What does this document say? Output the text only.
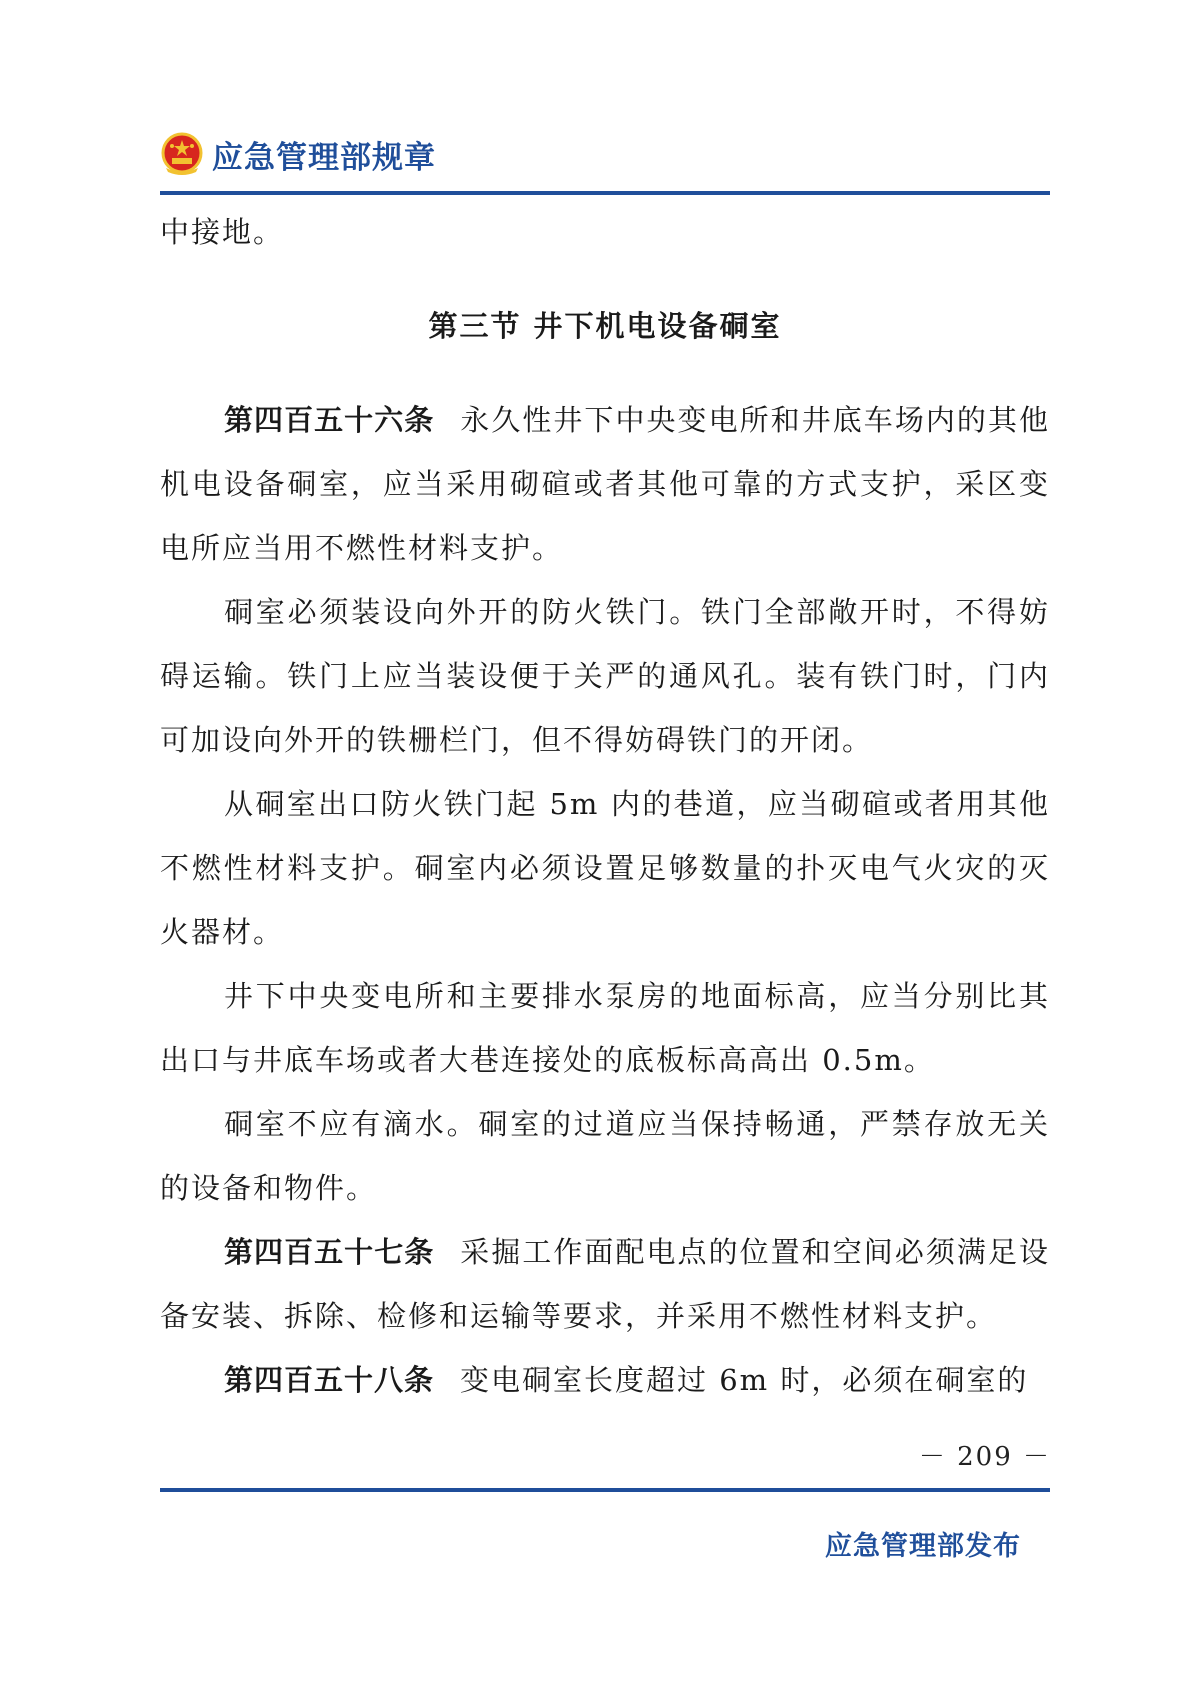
应急管理部规章

中接地。

第三节 井下机电设备硐室

第四百五十六条 永久性井下中央变电所和井底车场内的其他机电设备硐室，应当采用砌碹或者其他可靠的方式支护，采区变电所应当用不燃性材料支护。

硐室必须装设向外开的防火铁门。铁门全部敞开时，不得妨碍运输。铁门上应当装设便于关严的通风孔。装有铁门时，门内可加设向外开的铁栅栏门，但不得妨碍铁门的开闭。

从硐室出口防火铁门起 5m 内的巷道，应当砌碹或者用其他不燃性材料支护。硐室内必须设置足够数量的扑灭电气火灾的灭火器材。

井下中央变电所和主要排水泵房的地面标高，应当分别比其出口与井底车场或者大巷连接处的底板标高高出 0.5m。

硐室不应有滴水。硐室的过道应当保持畅通，严禁存放无关的设备和物件。

第四百五十七条 采掘工作面配电点的位置和空间必须满足设备安装、拆除、检修和运输等要求，并采用不燃性材料支护。

第四百五十八条 变电硐室长度超过 6m 时，必须在硐室的

－ 209 －
应急管理部发布
